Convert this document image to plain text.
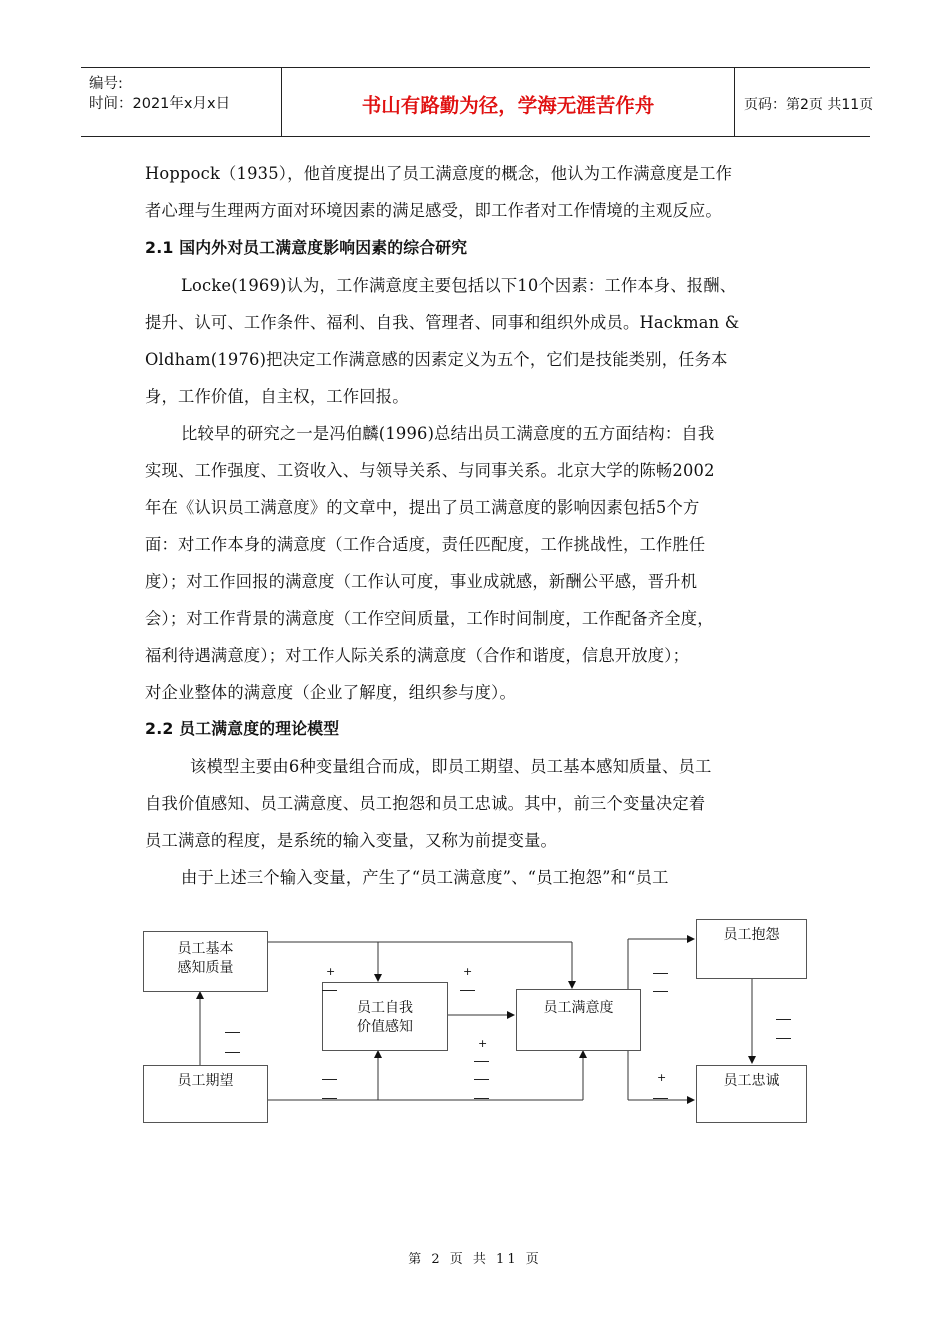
编号:
时间：2021年x月x日	书山有路勤为径，学海无涯苦作舟	页码：第2页 共11页
Hoppock（1935），他首度提出了员工满意度的概念，他认为工作满意度是工作
者心理与生理两方面对环境因素的满足感受，即工作者对工作情境的主观反应。
2.1 国内外对员工满意度影响因素的综合研究
Locke(1969)认为，工作满意度主要包括以下10个因素：工作本身、报酬、
提升、认可、工作条件、福利、自我、管理者、同事和组织外成员。Hackman &
Oldham(1976)把决定工作满意感的因素定义为五个，它们是技能类别，任务本
身，工作价值，自主权，工作回报。
比较早的研究之一是冯伯麟(1996)总结出员工满意度的五方面结构：自我
实现、工作强度、工资收入、与领导关系、与同事关系。北京大学的陈畅2002
年在《认识员工满意度》的文章中，提出了员工满意度的影响因素包括5个方
面：对工作本身的满意度（工作合适度，责任匹配度，工作挑战性，工作胜任
度）；对工作回报的满意度（工作认可度，事业成就感，新酬公平感，晋升机
会）；对工作背景的满意度（工作空间质量，工作时间制度，工作配备齐全度，
福利待遇满意度）；对工作人际关系的满意度（合作和谐度，信息开放度）；
对企业整体的满意度（企业了解度，组织参与度）。
2.2 员工满意度的理论模型
该模型主要由6种变量组合而成，即员工期望、员工基本感知质量、员工
自我价值感知、员工满意度、员工抱怨和员工忠诚。其中，前三个变量决定着
员工满意的程度，是系统的输入变量，又称为前提变量。
由于上述三个输入变量，产生了“员工满意度”、“员工抱怨”和“员工
员工基本
感知质量
员工自我
价值感知
员工满意度
员工抱怨
员工期望	员工忠诚
+	+
+
+
第 2 页 共 11 页
